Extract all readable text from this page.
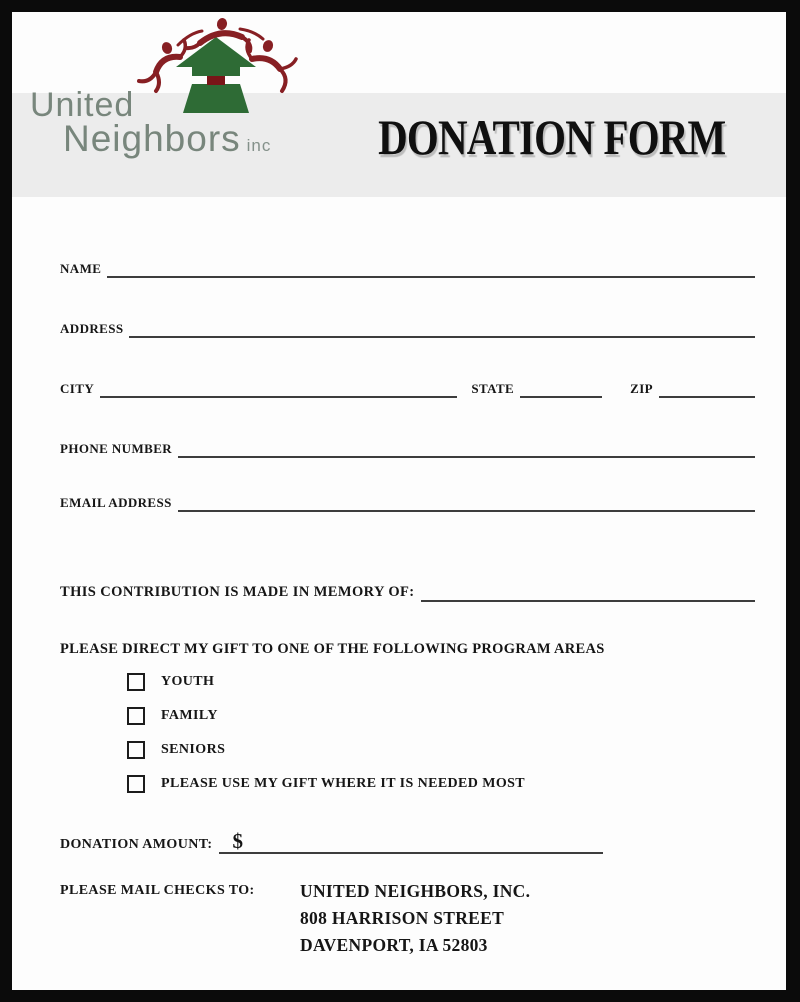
United
Neighbors inc	DONATION FORM
NAME
ADDRESS
CITY	STATE	ZIP
PHONE NUMBER
EMAIL ADDRESS
THIS CONTRIBUTION IS MADE IN MEMORY OF:
PLEASE DIRECT MY GIFT TO ONE OF THE FOLLOWING PROGRAM AREAS
YOUTH
FAMILY
SENIORS
PLEASE USE MY GIFT WHERE IT IS NEEDED MOST
DONATION AMOUNT: $
PLEASE MAIL CHECKS TO:	UNITED NEIGHBORS, INC.
808 HARRISON STREET
DAVENPORT, IA 52803
